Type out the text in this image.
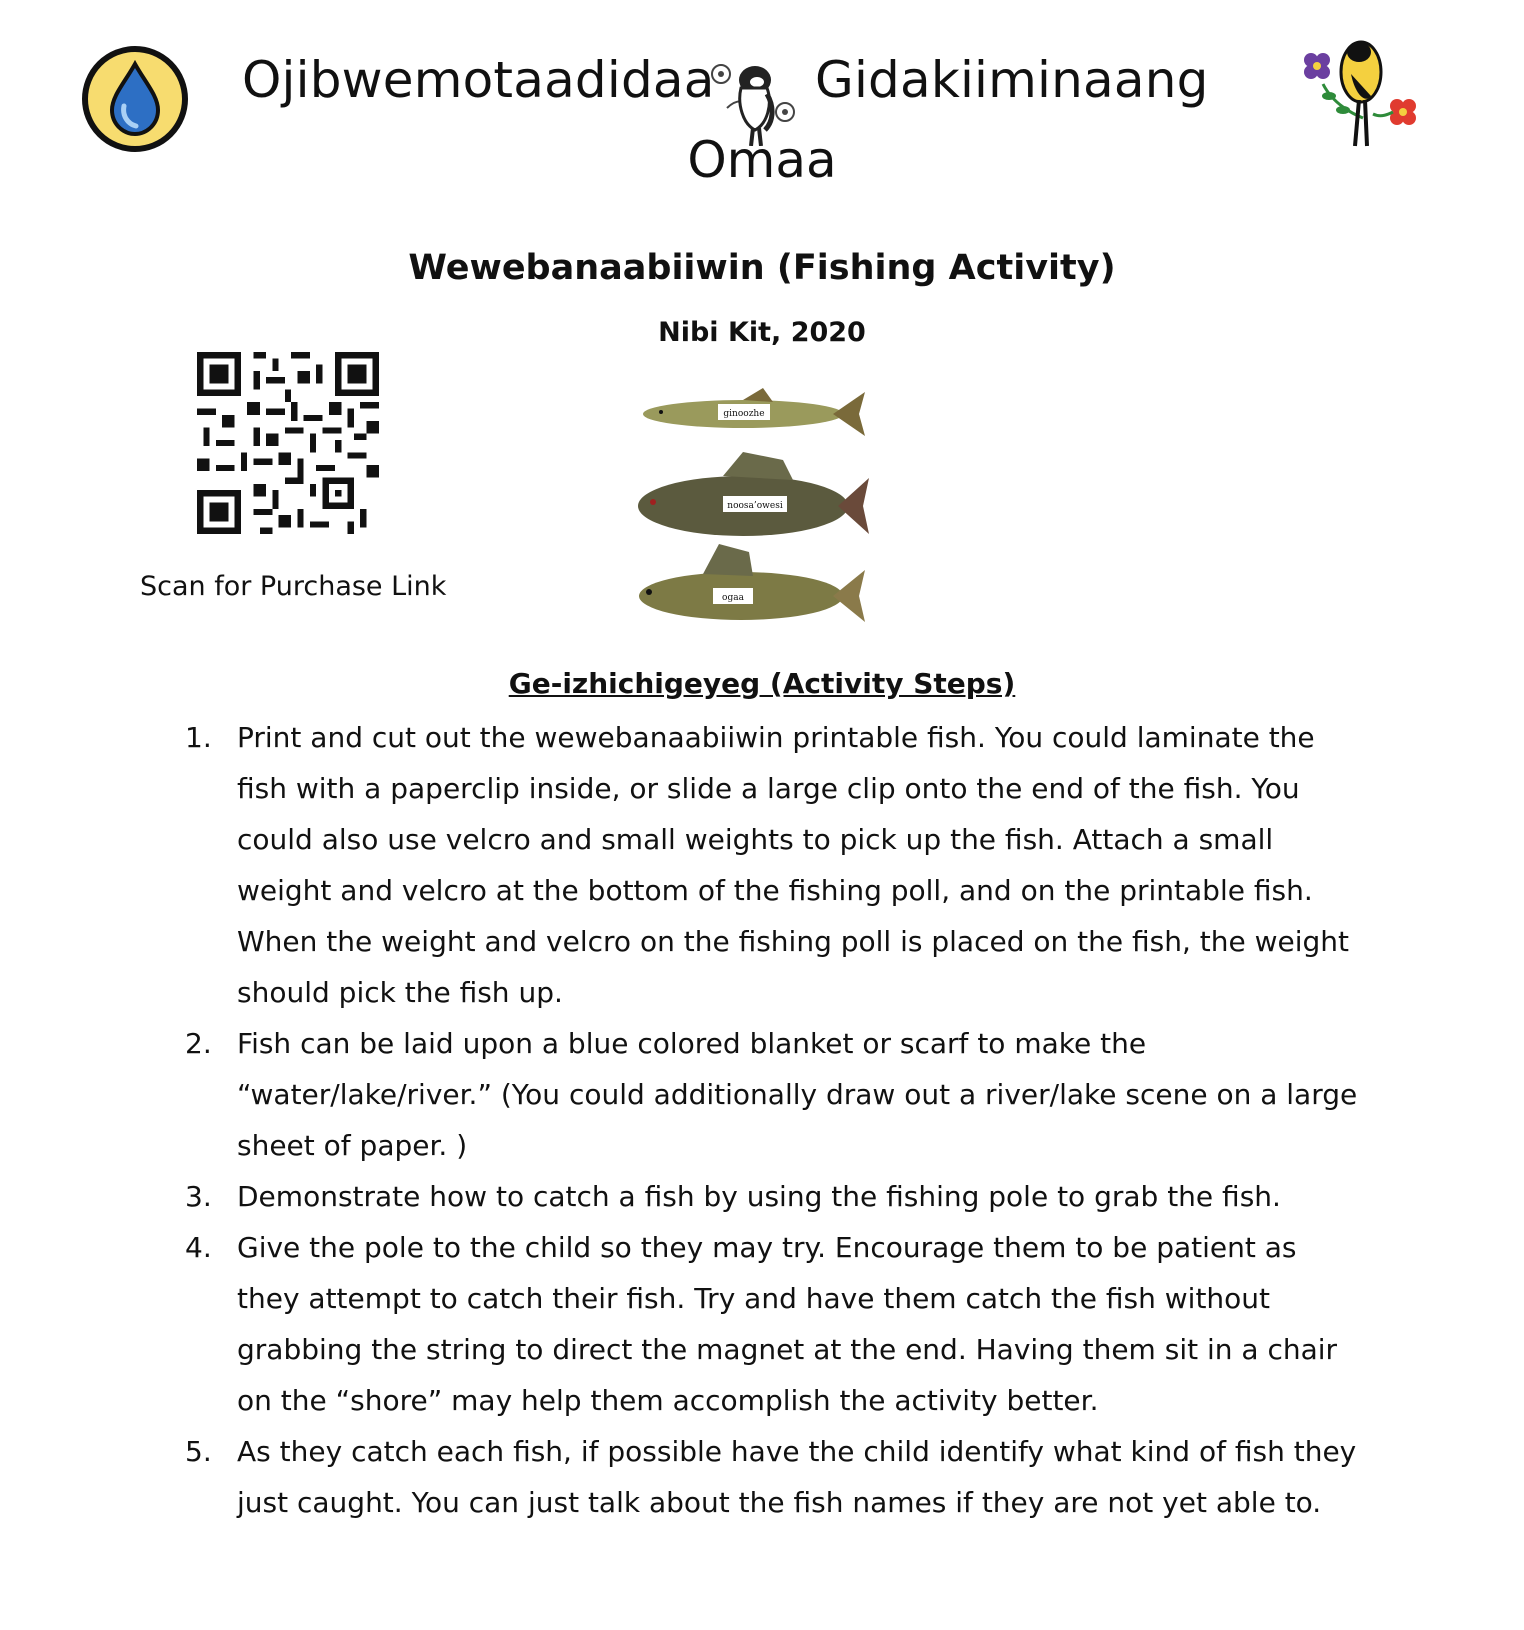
Ojibwemotaadidaa Gidakiiminaang
Omaa
Wewebanaabiiwin (Fishing Activity)
Nibi Kit, 2020
Scan for Purchase Link
ginoozhe
noosa’owesi
ogaa
Ge-izhichigeyeg (Activity Steps)
1. Print and cut out the wewebanaabiiwin printable fish. You could laminate the fish with a paperclip inside, or slide a large clip onto the end of the fish. You could also use velcro and small weights to pick up the fish. Attach a small weight and velcro at the bottom of the fishing poll, and on the printable fish. When the weight and velcro on the fishing poll is placed on the fish, the weight should pick the fish up.
2. Fish can be laid upon a blue colored blanket or scarf to make the “water/lake/river.” (You could additionally draw out a river/lake scene on a large sheet of paper. )
3. Demonstrate how to catch a fish by using the fishing pole to grab the fish.
4. Give the pole to the child so they may try. Encourage them to be patient as they attempt to catch their fish. Try and have them catch the fish without grabbing the string to direct the magnet at the end. Having them sit in a chair on the “shore” may help them accomplish the activity better.
5. As they catch each fish, if possible have the child identify what kind of fish they just caught. You can just talk about the fish names if they are not yet able to.
